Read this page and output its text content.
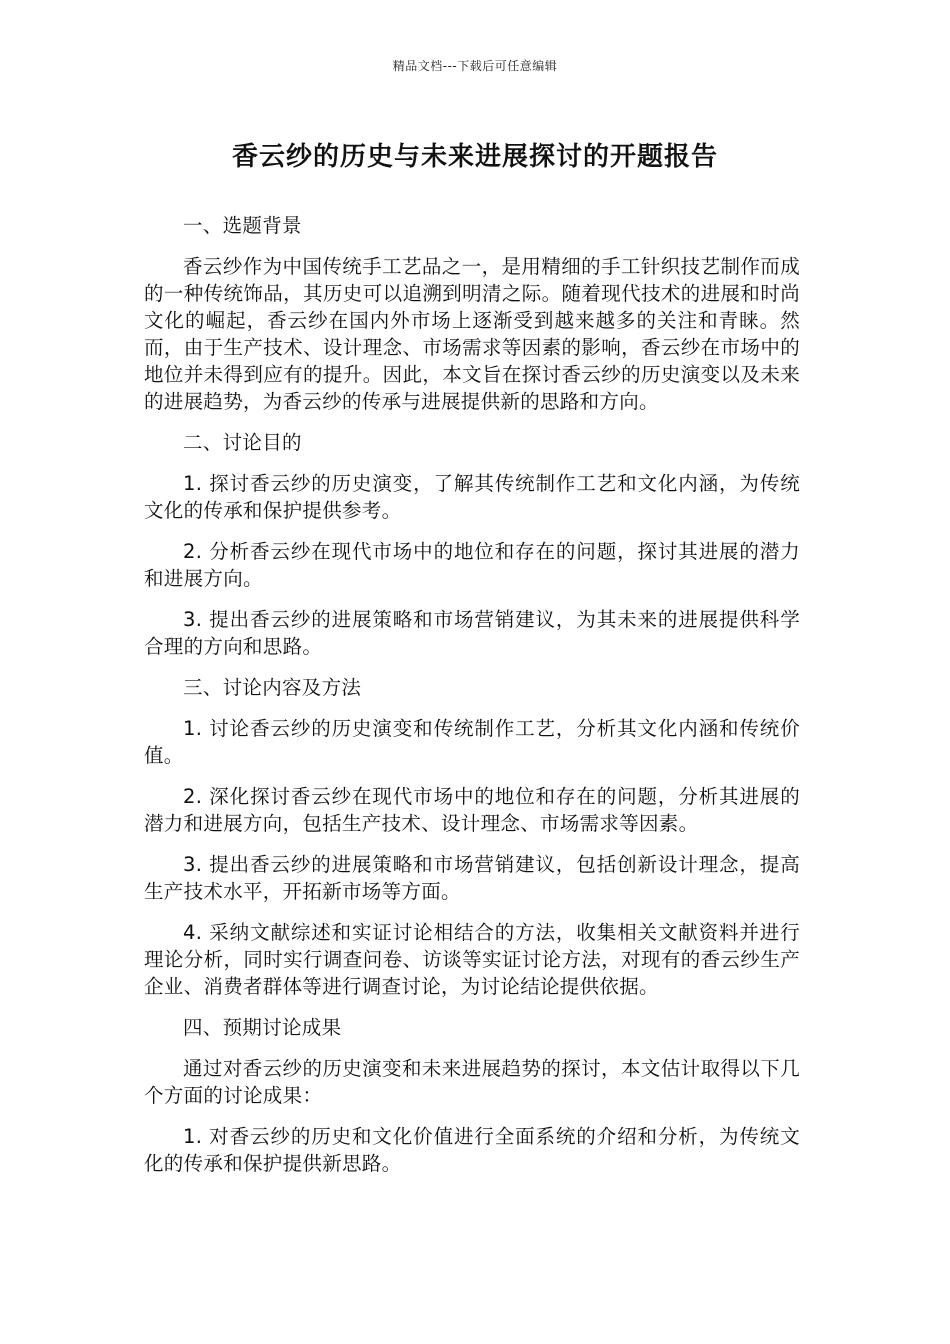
精品文档---下载后可任意编辑
香云纱的历史与未来进展探讨的开题报告

一、选题背景

香云纱作为中国传统手工艺品之一，是用精细的手工针织技艺制作而成的一种传统饰品，其历史可以追溯到明清之际。随着现代技术的进展和时尚文化的崛起，香云纱在国内外市场上逐渐受到越来越多的关注和青睐。然而，由于生产技术、设计理念、市场需求等因素的影响，香云纱在市场中的地位并未得到应有的提升。因此，本文旨在探讨香云纱的历史演变以及未来的进展趋势，为香云纱的传承与进展提供新的思路和方向。

二、讨论目的

1. 探讨香云纱的历史演变，了解其传统制作工艺和文化内涵，为传统文化的传承和保护提供参考。

2. 分析香云纱在现代市场中的地位和存在的问题，探讨其进展的潜力和进展方向。

3. 提出香云纱的进展策略和市场营销建议，为其未来的进展提供科学合理的方向和思路。

三、讨论内容及方法

1. 讨论香云纱的历史演变和传统制作工艺，分析其文化内涵和传统价值。

2. 深化探讨香云纱在现代市场中的地位和存在的问题，分析其进展的潜力和进展方向，包括生产技术、设计理念、市场需求等因素。

3. 提出香云纱的进展策略和市场营销建议，包括创新设计理念，提高生产技术水平，开拓新市场等方面。

4. 采纳文献综述和实证讨论相结合的方法，收集相关文献资料并进行理论分析，同时实行调查问卷、访谈等实证讨论方法，对现有的香云纱生产企业、消费者群体等进行调查讨论，为讨论结论提供依据。

四、预期讨论成果

通过对香云纱的历史演变和未来进展趋势的探讨，本文估计取得以下几个方面的讨论成果：

1. 对香云纱的历史和文化价值进行全面系统的介绍和分析，为传统文化的传承和保护提供新思路。
